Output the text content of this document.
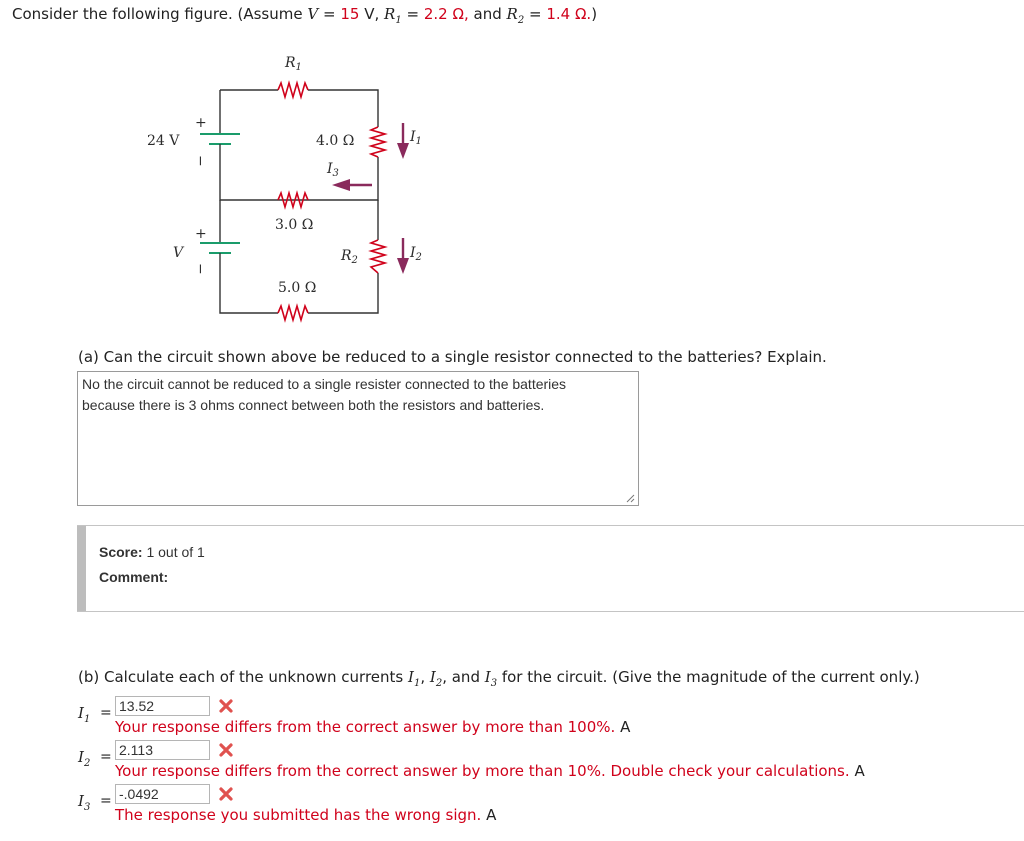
Consider the following figure. (Assume V = 15 V, $R_1 = 2.2$ Ω, and $R_2 = 1.4$ Ω.)
$R_1$
24 V
+
−
4.0 Ω	$I_1$
$I_3$
3.0 Ω
+
V
−
$R_2$	$I_2$
5.0 Ω
(a) Can the circuit shown above be reduced to a single resistor connected to the batteries? Explain.
No the circuit cannot be reduced to a single resister connected to the batteries
because there is 3 ohms connect between both the resistors and batteries.
Score: 1 out of 1
Comment:
(b) Calculate each of the unknown currents $I_1$, $I_2$, and $I_3$ for the circuit. (Give the magnitude of the current only.)
$I_1 = 13.52$
Your response differs from the correct answer by more than 100%. A
$I_2 = 2.113$
Your response differs from the correct answer by more than 10%. Double check your calculations. A
$I_3 = -.0492$
The response you submitted has the wrong sign. A
